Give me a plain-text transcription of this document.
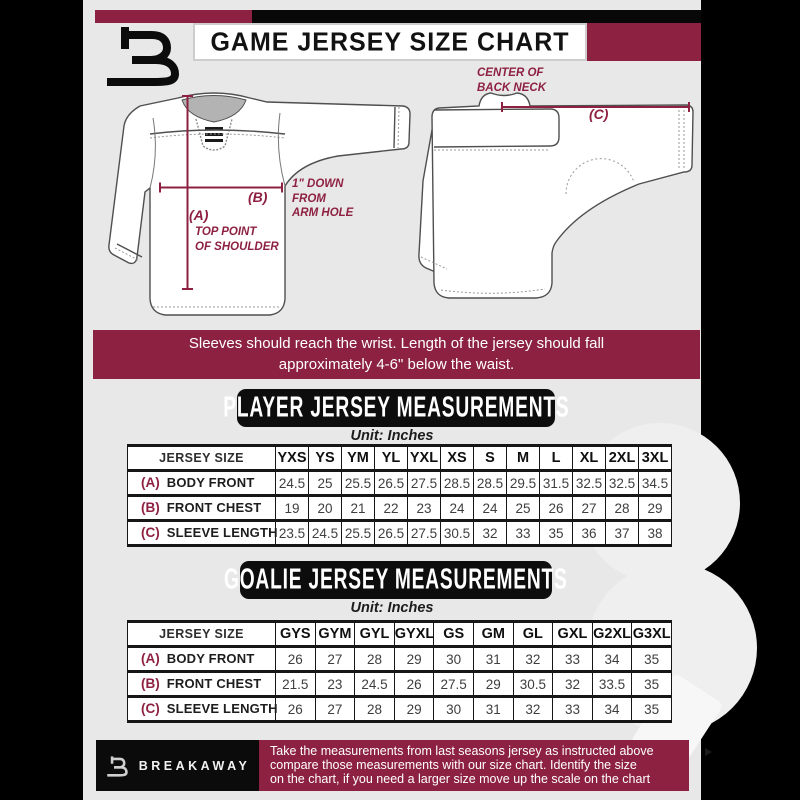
GAME JERSEY SIZE CHART
CENTER OF
BACK NECK
(C)
(B)
1" DOWN
FROM
ARM HOLE
(A)
TOP POINT
OF SHOULDER
Sleeves should reach the wrist. Length of the jersey should fall
approximately 4-6" below the waist.
PLAYER JERSEY MEASUREMENTS
Unit: Inches
JERSEY SIZE	YXS	YS	YM	YL	YXL	XS	S	M	L	XL	2XL	3XL
(A) BODY FRONT	24.5	25	25.5	26.5	27.5	28.5	28.5	29.5	31.5	32.5	32.5	34.5
(B) FRONT CHEST	19	20	21	22	23	24	24	25	26	27	28	29
(C) SLEEVE LENGTH	23.5	24.5	25.5	26.5	27.5	30.5	32	33	35	36	37	38
GOALIE JERSEY MEASUREMENTS
Unit: Inches
JERSEY SIZE	GYS	GYM	GYL	GYXL	GS	GM	GL	GXL	G2XL	G3XL
(A) BODY FRONT	26	27	28	29	30	31	32	33	34	35
(B) FRONT CHEST	21.5	23	24.5	26	27.5	29	30.5	32	33.5	35
(C) SLEEVE LENGTH	26	27	28	29	30	31	32	33	34	35
BREAKAWAY
Take the measurements from last seasons jersey as instructed above
compare those measurements with our size chart. Identify the size
on the chart, if you need a larger size move up the scale on the chart
